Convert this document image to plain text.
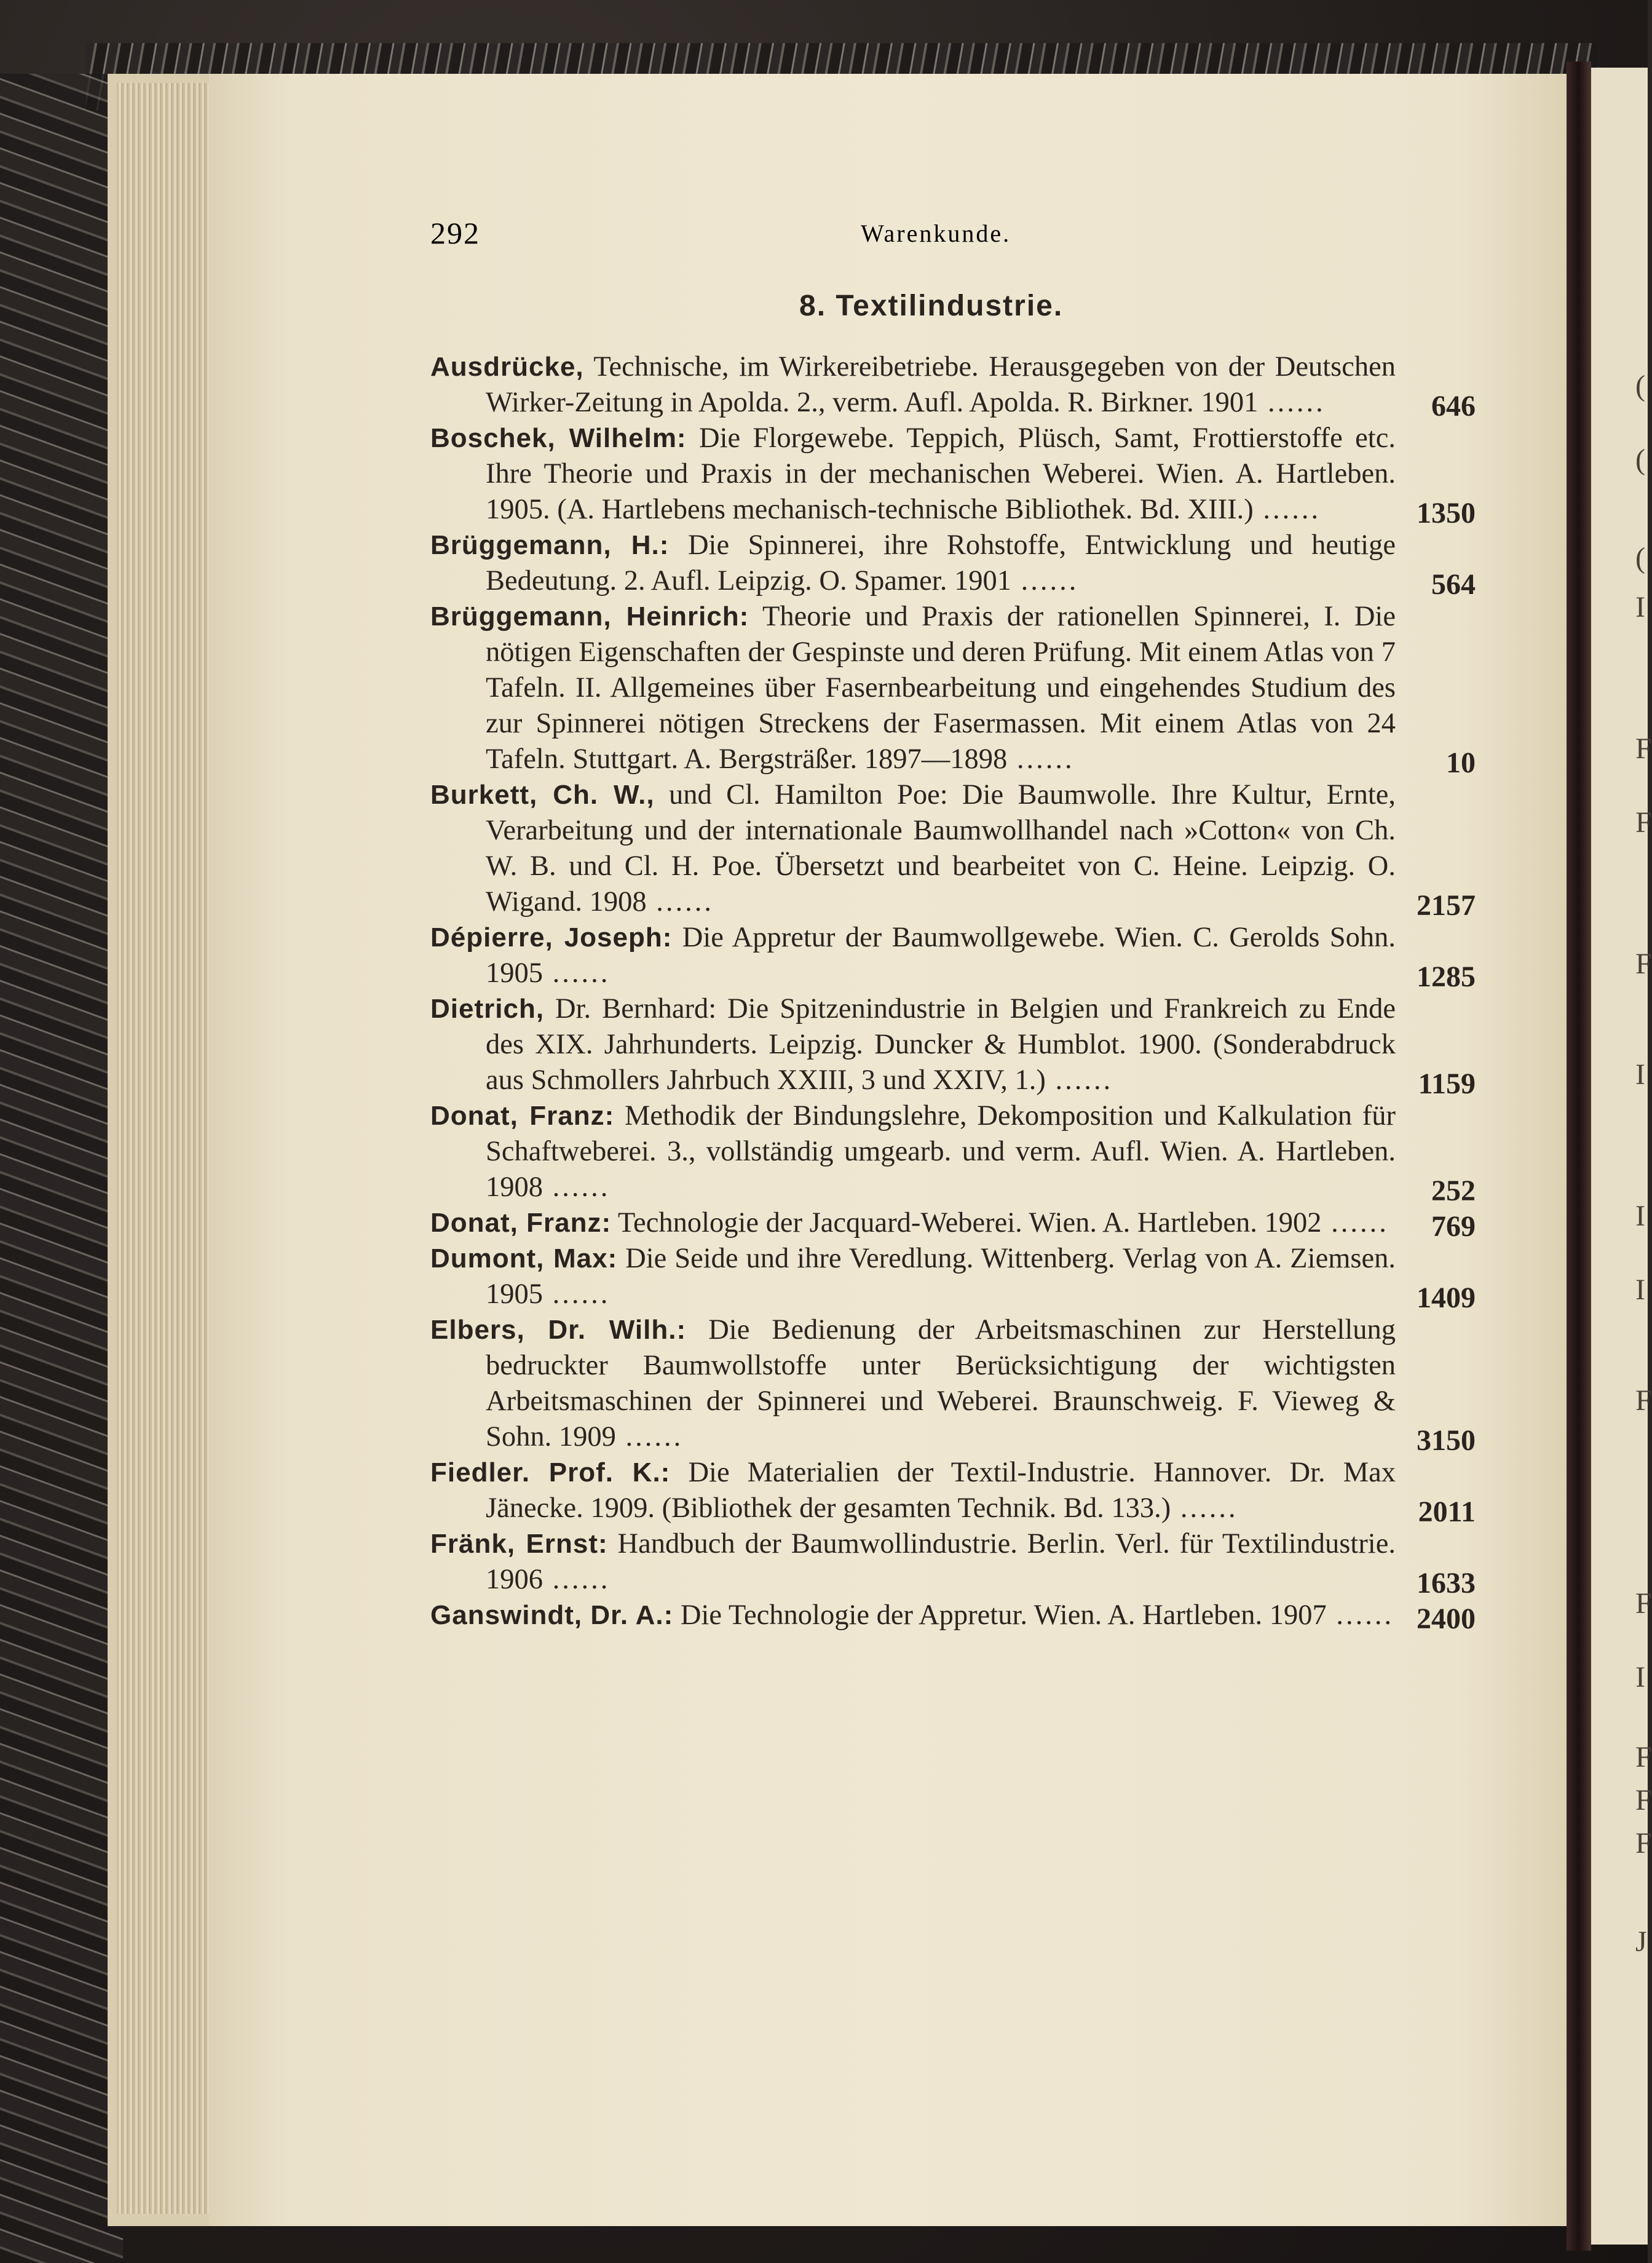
(
(
(
I
F
F
F
I
I
I
F
F
I
F
F
F
J
292	Warenkunde.
8. Textilindustrie.
Ausdrücke, Technische, im Wirkereibetriebe. Herausgegeben von der Deutschen Wirker-Zeitung in Apolda. 2., verm. Aufl. Apolda. R. Birkner. 1901 ......	646
Boschek, Wilhelm: Die Florgewebe. Teppich, Plüsch, Samt, Frottierstoffe etc. Ihre Theorie und Praxis in der mechanischen Weberei. Wien. A. Hartleben. 1905. (A. Hartlebens mechanisch-technische Bibliothek. Bd. XIII.) ......	1350
Brüggemann, H.: Die Spinnerei, ihre Rohstoffe, Entwicklung und heutige Bedeutung. 2. Aufl. Leipzig. O. Spamer. 1901 ......	564
Brüggemann, Heinrich: Theorie und Praxis der rationellen Spinnerei, I. Die nötigen Eigenschaften der Gespinste und deren Prüfung. Mit einem Atlas von 7 Tafeln. II. Allgemeines über Fasernbearbeitung und eingehendes Studium des zur Spinnerei nötigen Streckens der Fasermassen. Mit einem Atlas von 24 Tafeln. Stuttgart. A. Bergsträßer. 1897—1898 ......	10
Burkett, Ch. W., und Cl. Hamilton Poe: Die Baumwolle. Ihre Kultur, Ernte, Verarbeitung und der internationale Baumwollhandel nach »Cotton« von Ch. W. B. und Cl. H. Poe. Übersetzt und bearbeitet von C. Heine. Leipzig. O. Wigand. 1908 ......	2157
Dépierre, Joseph: Die Appretur der Baumwollgewebe. Wien. C. Gerolds Sohn. 1905 ......	1285
Dietrich, Dr. Bernhard: Die Spitzenindustrie in Belgien und Frankreich zu Ende des XIX. Jahrhunderts. Leipzig. Duncker & Humblot. 1900. (Sonderabdruck aus Schmollers Jahrbuch XXIII, 3 und XXIV, 1.) ......	1159
Donat, Franz: Methodik der Bindungslehre, Dekomposition und Kalkulation für Schaftweberei. 3., vollständig umgearb. und verm. Aufl. Wien. A. Hartleben. 1908 ......	252
Donat, Franz: Technologie der Jacquard-Weberei. Wien. A. Hartleben. 1902 ......	769
Dumont, Max: Die Seide und ihre Veredlung. Wittenberg. Verlag von A. Ziemsen. 1905 ......	1409
Elbers, Dr. Wilh.: Die Bedienung der Arbeitsmaschinen zur Herstellung bedruckter Baumwollstoffe unter Berücksichtigung der wichtigsten Arbeitsmaschinen der Spinnerei und Weberei. Braunschweig. F. Vieweg & Sohn. 1909 ......	3150
Fiedler. Prof. K.: Die Materialien der Textil-Industrie. Hannover. Dr. Max Jänecke. 1909. (Bibliothek der gesamten Technik. Bd. 133.) ......	2011
Fränk, Ernst: Handbuch der Baumwollindustrie. Berlin. Verl. für Textilindustrie. 1906 ......	1633
Ganswindt, Dr. A.: Die Technologie der Appretur. Wien. A. Hartleben. 1907 ...... 2400
